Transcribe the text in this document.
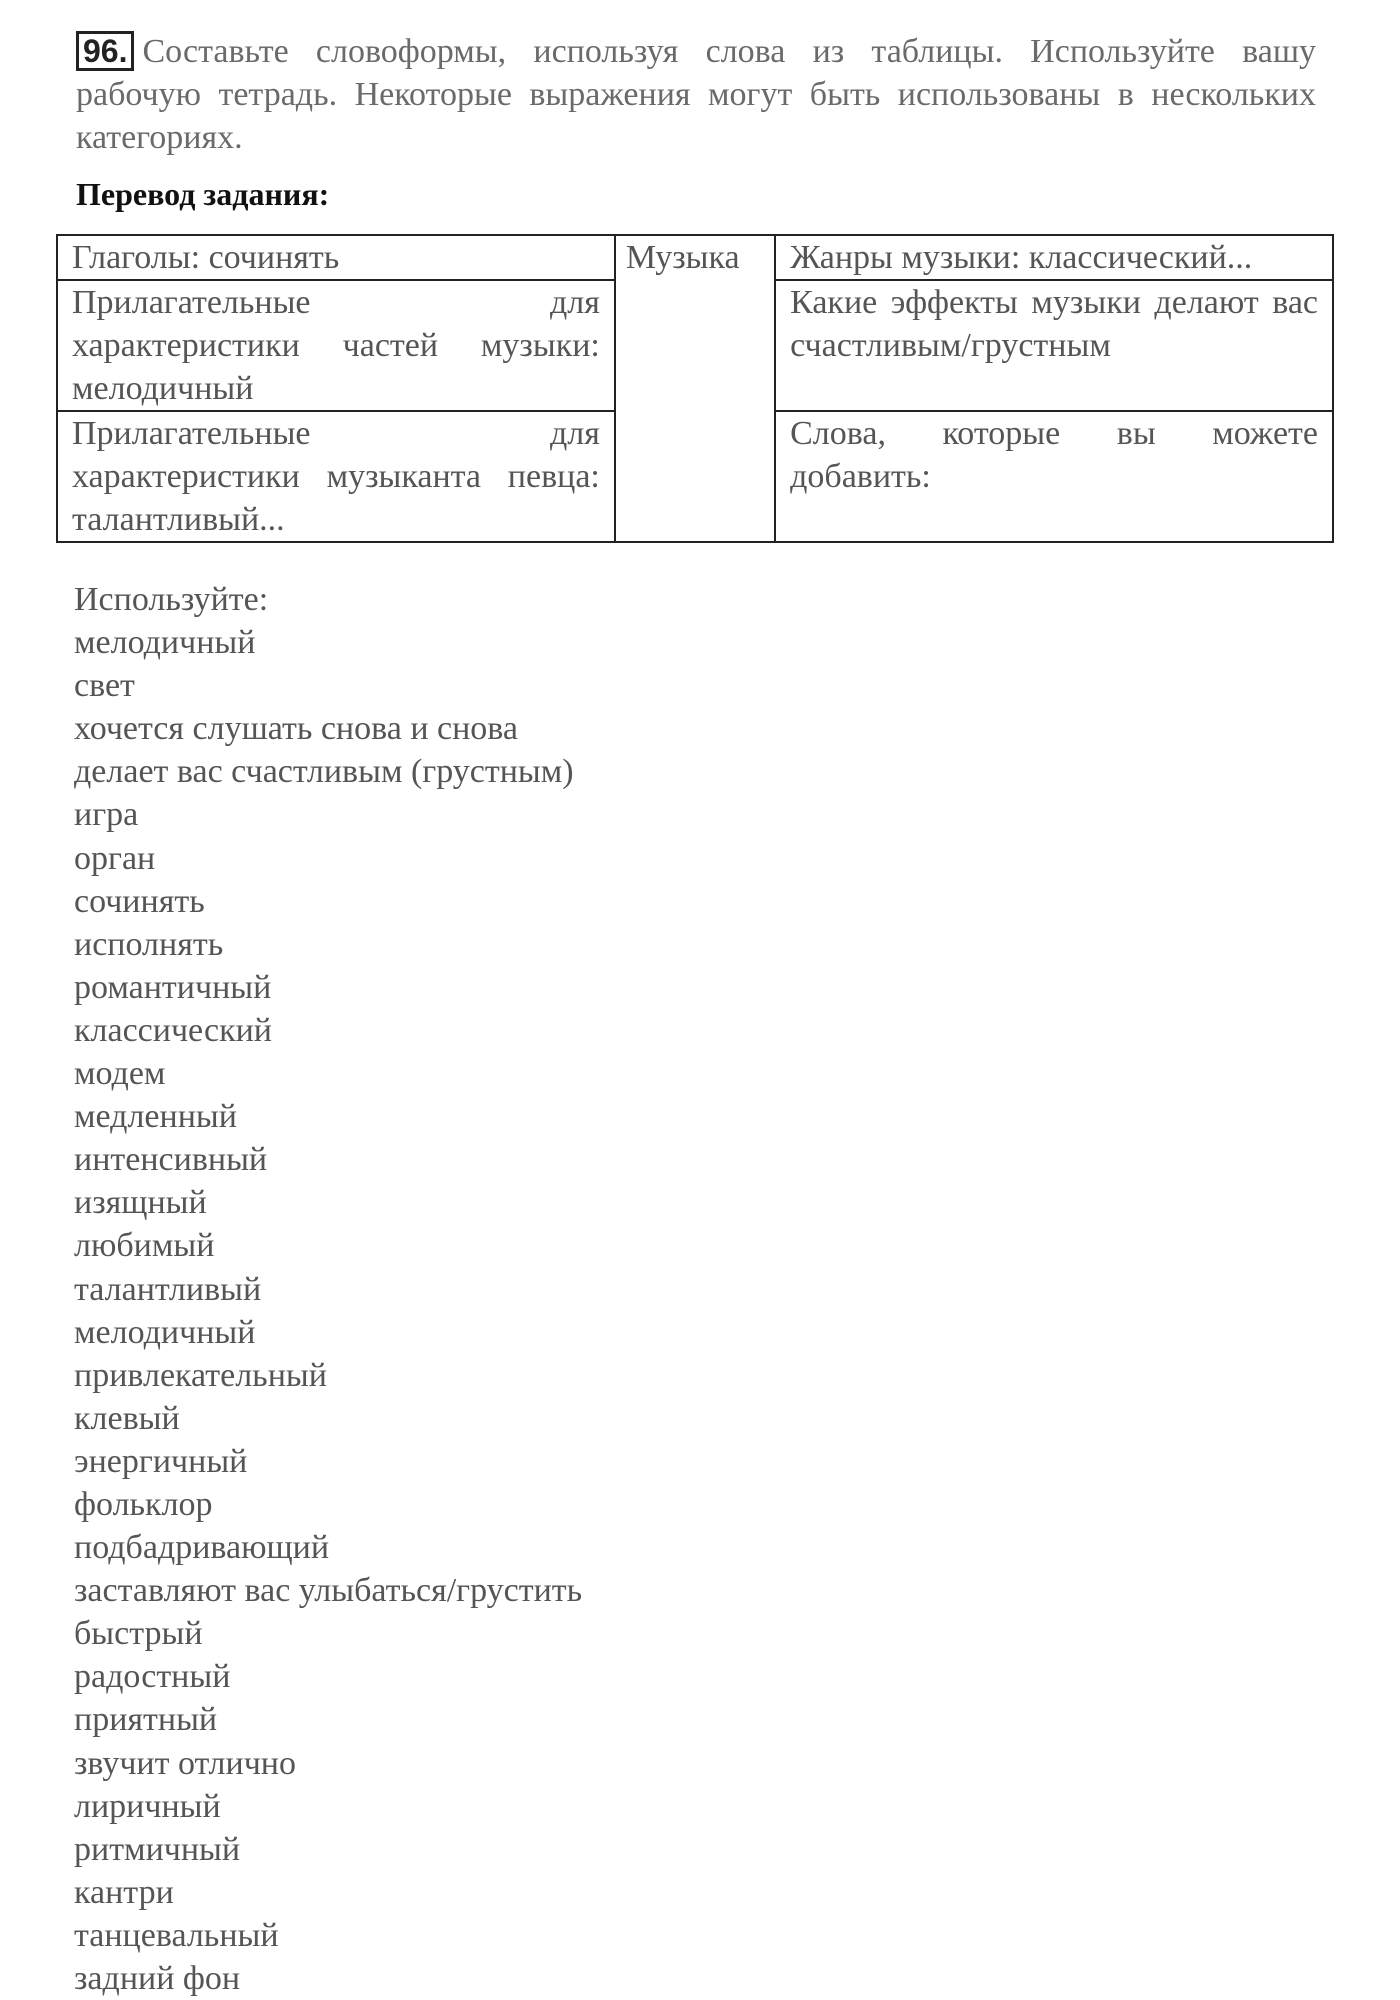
96. Составьте словоформы, используя слова из таблицы. Используйте вашу рабочую тетрадь. Некоторые выражения могут быть использованы в нескольких категориях.
Перевод задания:
Глаголы: сочинять	Музыка	Жанры музыки: классический...
Прилагательные для характеристики частей музыки: мелодичный		Какие эффекты музыки делают вас счастливым/грустным
Прилагательные для характеристики музыканта певца: талантливый...		Слова, которые вы можете добавить:
Используйте:
мелодичный
свет
хочется слушать снова и снова
делает вас счастливым (грустным)
игра
орган
сочинять
исполнять
романтичный
классический
модем
медленный
интенсивный
изящный
любимый
талантливый
мелодичный
привлекательный
клевый
энергичный
фольклор
подбадривающий
заставляют вас улыбаться/грустить
быстрый
радостный
приятный
звучит отлично
лиричный
ритмичный
кантри
танцевальный
задний фон
